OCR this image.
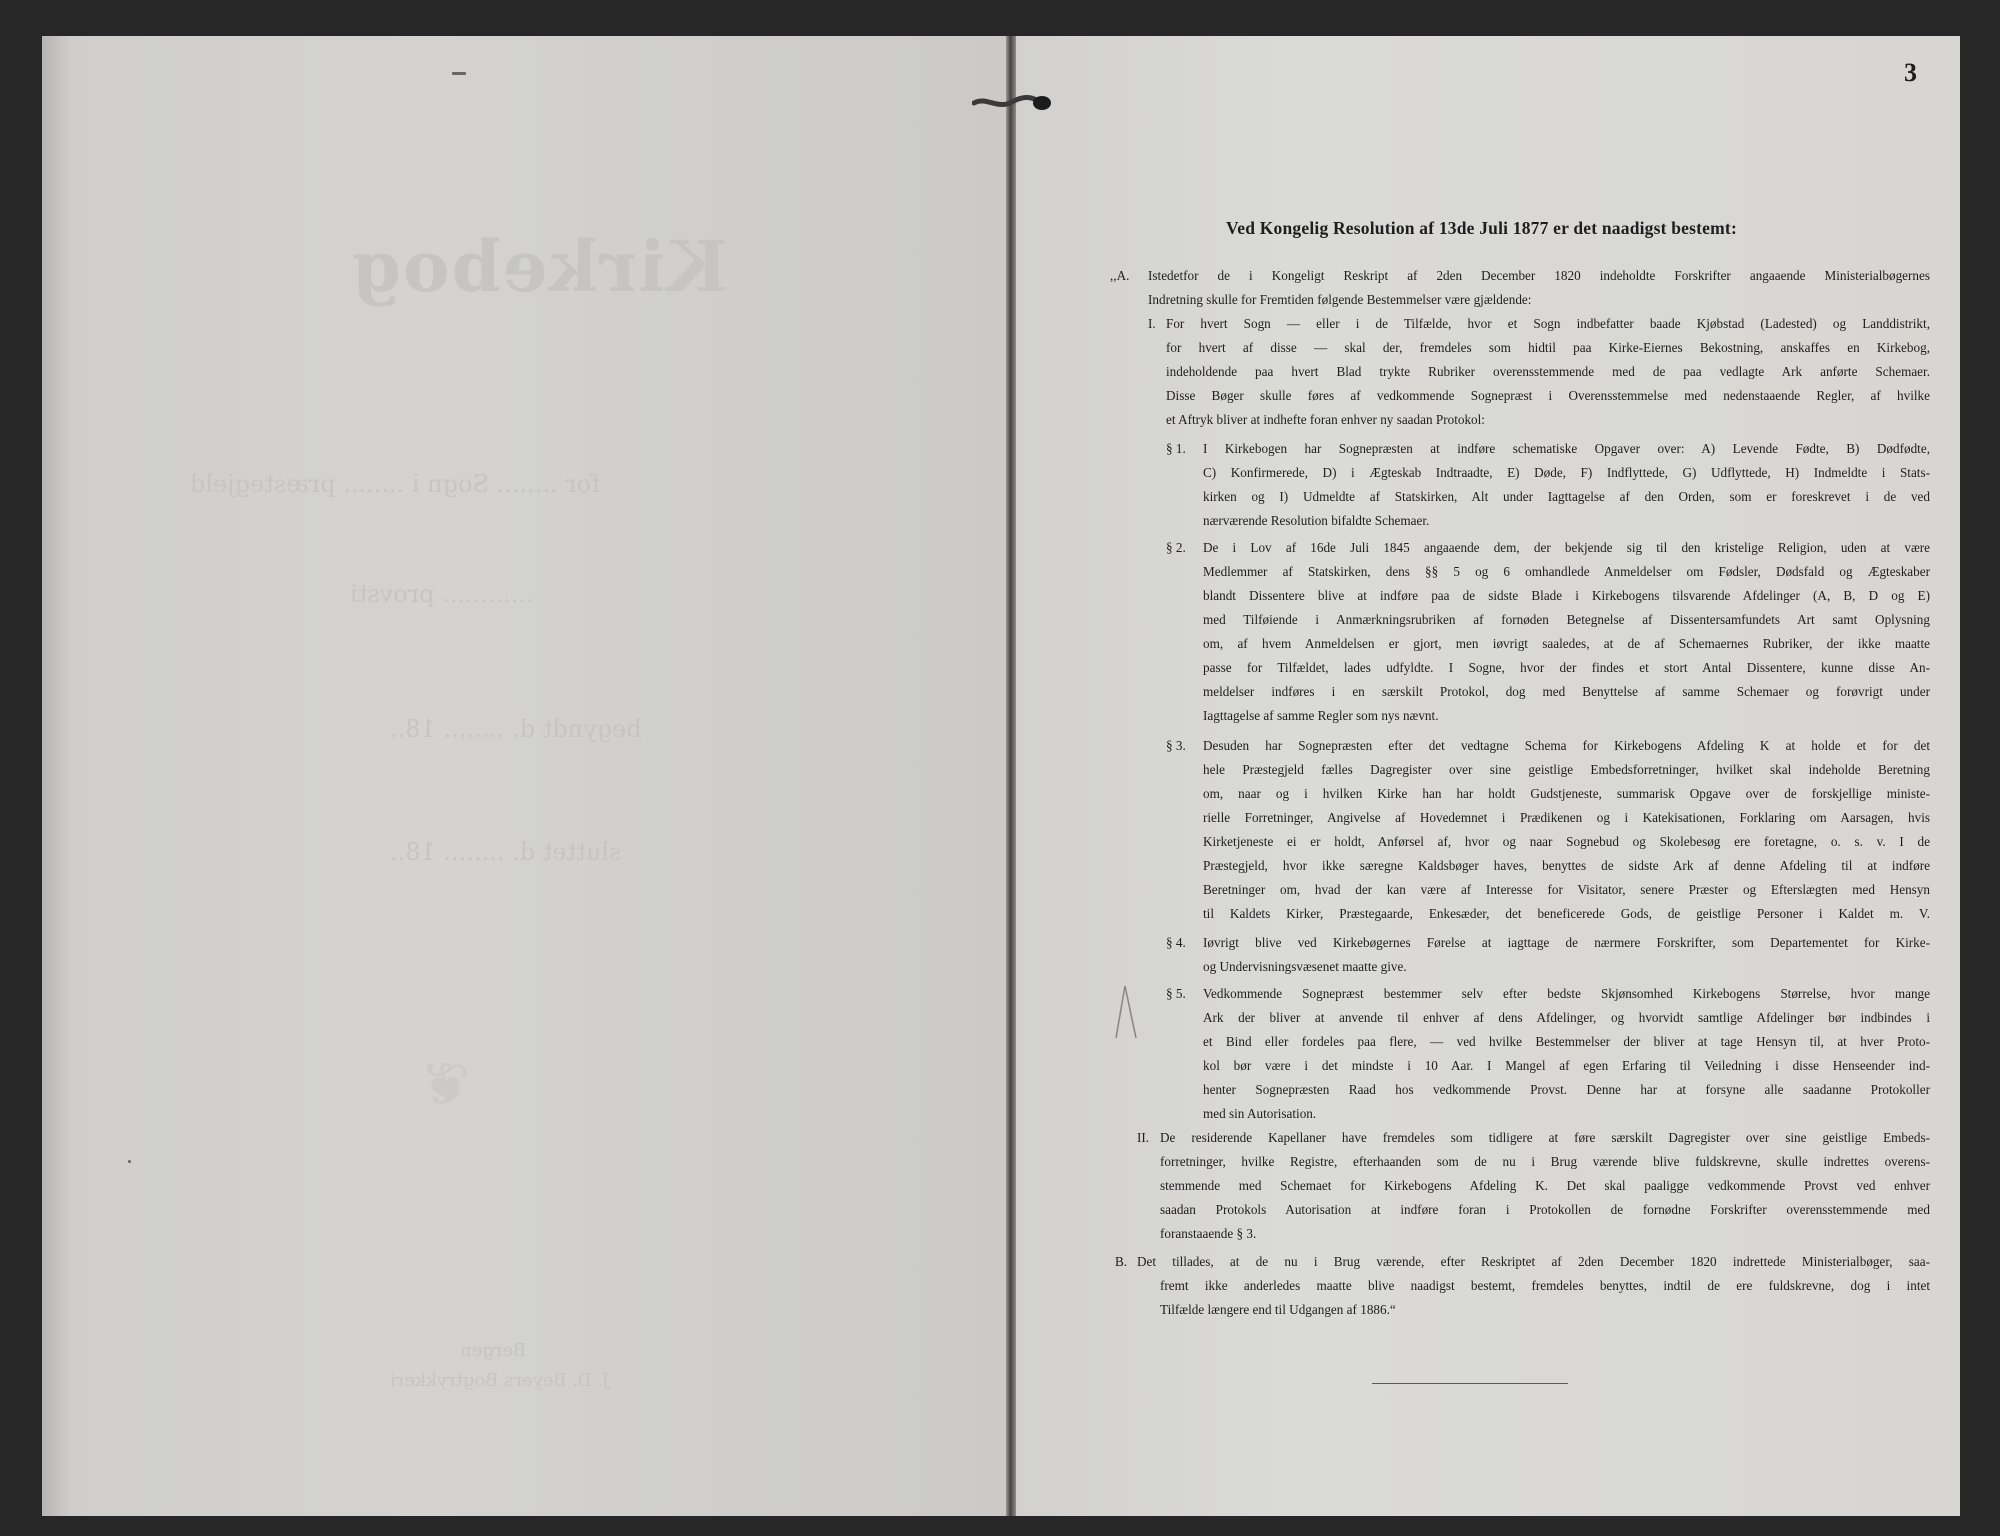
Kirkebog
for ........ Sogn i ........ præstegjeld
............ provsti
begyndt d. ........ 18..
sluttet d. ........ 18..
❦
Bergen
J. D. Beyers Bogtrykkeri
3
Ved Kongelig Resolution af 13de Juli 1877 er det naadigst bestemt:
,,A. Istedetfor de i Kongeligt Reskript af 2den December 1820 indeholdte Forskrifter angaaende Ministerialbøgernes
Indretning skulle for Fremtiden følgende Bestemmelser være gjældende:
I. For hvert Sogn — eller i de Tilfælde, hvor et Sogn indbefatter baade Kjøbstad (Ladested) og Landdistrikt,
for hvert af disse — skal der, fremdeles som hidtil paa Kirke-Eiernes Bekostning, anskaffes en Kirkebog,
indeholdende paa hvert Blad trykte Rubriker overensstemmende med de paa vedlagte Ark anførte Schemaer.
Disse Bøger skulle føres af vedkommende Sognepræst i Overensstemmelse med nedenstaaende Regler, af hvilke
et Aftryk bliver at indhefte foran enhver ny saadan Protokol:
§ 1. I Kirkebogen har Sognepræsten at indføre schematiske Opgaver over: A) Levende Fødte, B) Dødfødte,
C) Konfirmerede, D) i Ægteskab Indtraadte, E) Døde, F) Indflyttede, G) Udflyttede, H) Indmeldte i Stats-
kirken og I) Udmeldte af Statskirken, Alt under Iagttagelse af den Orden, som er foreskrevet i de ved
nærværende Resolution bifaldte Schemaer.
§ 2. De i Lov af 16de Juli 1845 angaaende dem, der bekjende sig til den kristelige Religion, uden at være
Medlemmer af Statskirken, dens §§ 5 og 6 omhandlede Anmeldelser om Fødsler, Dødsfald og Ægteskaber
blandt Dissentere blive at indføre paa de sidste Blade i Kirkebogens tilsvarende Afdelinger (A, B, D og E)
med Tilføiende i Anmærkningsrubriken af fornøden Betegnelse af Dissentersamfundets Art samt Oplysning
om, af hvem Anmeldelsen er gjort, men iøvrigt saaledes, at de af Schemaernes Rubriker, der ikke maatte
passe for Tilfældet, lades udfyldte. I Sogne, hvor der findes et stort Antal Dissentere, kunne disse An-
meldelser indføres i en særskilt Protokol, dog med Benyttelse af samme Schemaer og forøvrigt under
Iagttagelse af samme Regler som nys nævnt.
§ 3. Desuden har Sognepræsten efter det vedtagne Schema for Kirkebogens Afdeling K at holde et for det
hele Præstegjeld fælles Dagregister over sine geistlige Embedsforretninger, hvilket skal indeholde Beretning
om, naar og i hvilken Kirke han har holdt Gudstjeneste, summarisk Opgave over de forskjellige ministe-
rielle Forretninger, Angivelse af Hovedemnet i Prædikenen og i Katekisationen, Forklaring om Aarsagen, hvis
Kirketjeneste ei er holdt, Anførsel af, hvor og naar Sognebud og Skolebesøg ere foretagne, o. s. v. I de
Præstegjeld, hvor ikke særegne Kaldsbøger haves, benyttes de sidste Ark af denne Afdeling til at indføre
Beretninger om, hvad der kan være af Interesse for Visitator, senere Præster og Efterslægten med Hensyn
til Kaldets Kirker, Præstegaarde, Enkesæder, det beneficerede Gods, de geistlige Personer i Kaldet m. V.
§ 4. Iøvrigt blive ved Kirkebøgernes Førelse at iagttage de nærmere Forskrifter, som Departementet for Kirke-
og Undervisningsvæsenet maatte give.
§ 5. Vedkommende Sognepræst bestemmer selv efter bedste Skjønsomhed Kirkebogens Størrelse, hvor mange
Ark der bliver at anvende til enhver af dens Afdelinger, og hvorvidt samtlige Afdelinger bør indbindes i
et Bind eller fordeles paa flere, — ved hvilke Bestemmelser der bliver at tage Hensyn til, at hver Proto-
kol bør være i det mindste i 10 Aar. I Mangel af egen Erfaring til Veiledning i disse Henseender ind-
henter Sognepræsten Raad hos vedkommende Provst. Denne har at forsyne alle saadanne Protokoller
med sin Autorisation.
II. De residerende Kapellaner have fremdeles som tidligere at føre særskilt Dagregister over sine geistlige Embeds-
forretninger, hvilke Registre, efterhaanden som de nu i Brug værende blive fuldskrevne, skulle indrettes overens-
stemmende med Schemaet for Kirkebogens Afdeling K. Det skal paaligge vedkommende Provst ved enhver
saadan Protokols Autorisation at indføre foran i Protokollen de fornødne Forskrifter overensstemmende med
foranstaaende § 3.
B. Det tillades, at de nu i Brug værende, efter Reskriptet af 2den December 1820 indrettede Ministerialbøger, saa-
fremt ikke anderledes maatte blive naadigst bestemt, fremdeles benyttes, indtil de ere fuldskrevne, dog i intet
Tilfælde længere end til Udgangen af 1886.“
